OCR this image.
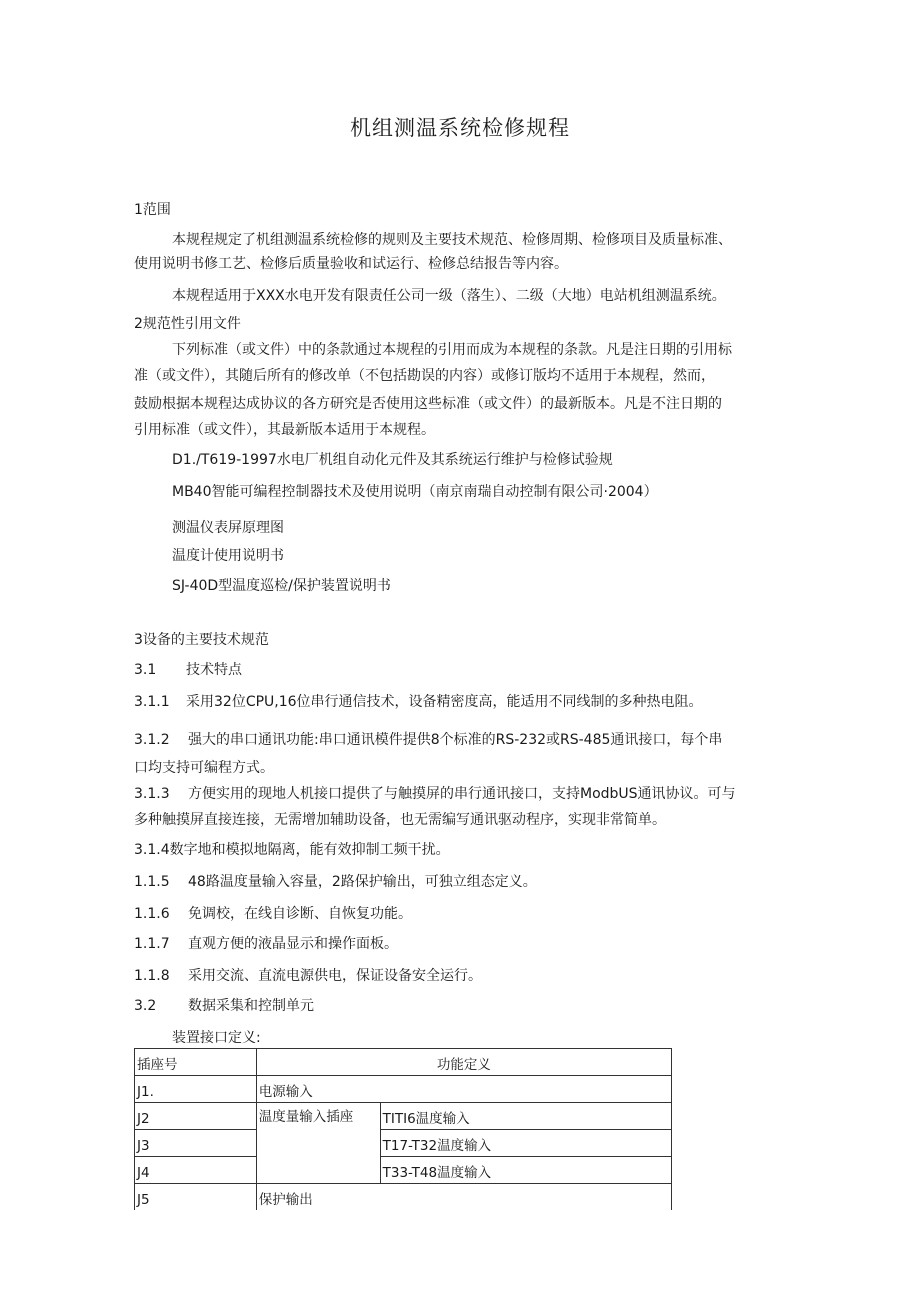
机组测温系统检修规程
1范围
本规程规定了机组测温系统检修的规则及主要技术规范、检修周期、检修项目及质量标准、
使用说明书修工艺、检修后质量验收和试运行、检修总结报告等内容。
本规程适用于XXX水电开发有限责任公司一级（落生）、二级（大地）电站机组测温系统。
2规范性引用文件
下列标准（或文件）中的条款通过本规程的引用而成为本规程的条款。凡是注日期的引用标
准（或文件），其随后所有的修改单（不包括勘误的内容）或修订版均不适用于本规程，然而，
鼓励根据本规程达成协议的各方研究是否使用这些标准（或文件）的最新版本。凡是不注日期的
引用标准（或文件），其最新版本适用于本规程。
D1./T619-1997水电厂机组自动化元件及其系统运行维护与检修试验规
MB40智能可编程控制器技术及使用说明（南京南瑞自动控制有限公司·2004）
测温仪表屏原理图
温度计使用说明书
SJ-40D型温度巡检/保护装置说明书
3设备的主要技术规范
3.1 技术特点
3.1.1 采用32位CPU,16位串行通信技术，设备精密度高，能适用不同线制的多种热电阻。
3.1.2 强大的串口通讯功能:串口通讯模件提供8个标准的RS-232或RS-485通讯接口，每个串
口均支持可编程方式。
3.1.3 方便实用的现地人机接口提供了与触摸屏的串行通讯接口，支持ModbUS通讯协议。可与
多种触摸屏直接连接，无需增加辅助设备，也无需编写通讯驱动程序，实现非常简单。
3.1.4数字地和模拟地隔离，能有效抑制工频干扰。
1.1.5 48路温度量输入容量，2路保护输出，可独立组态定义。
1.1.6 免调校，在线自诊断、自恢复功能。
1.1.7 直观方便的液晶显示和操作面板。
1.1.8 采用交流、直流电源供电，保证设备安全运行。
3.2 数据采集和控制单元
装置接口定义:
插座号	功能定义	
J1.	电源输入	
J2	温度量输入插座	TITI6温度输入
J3		T17-T32温度输入
J4		T33-T48温度输入
J5	保护输出	
